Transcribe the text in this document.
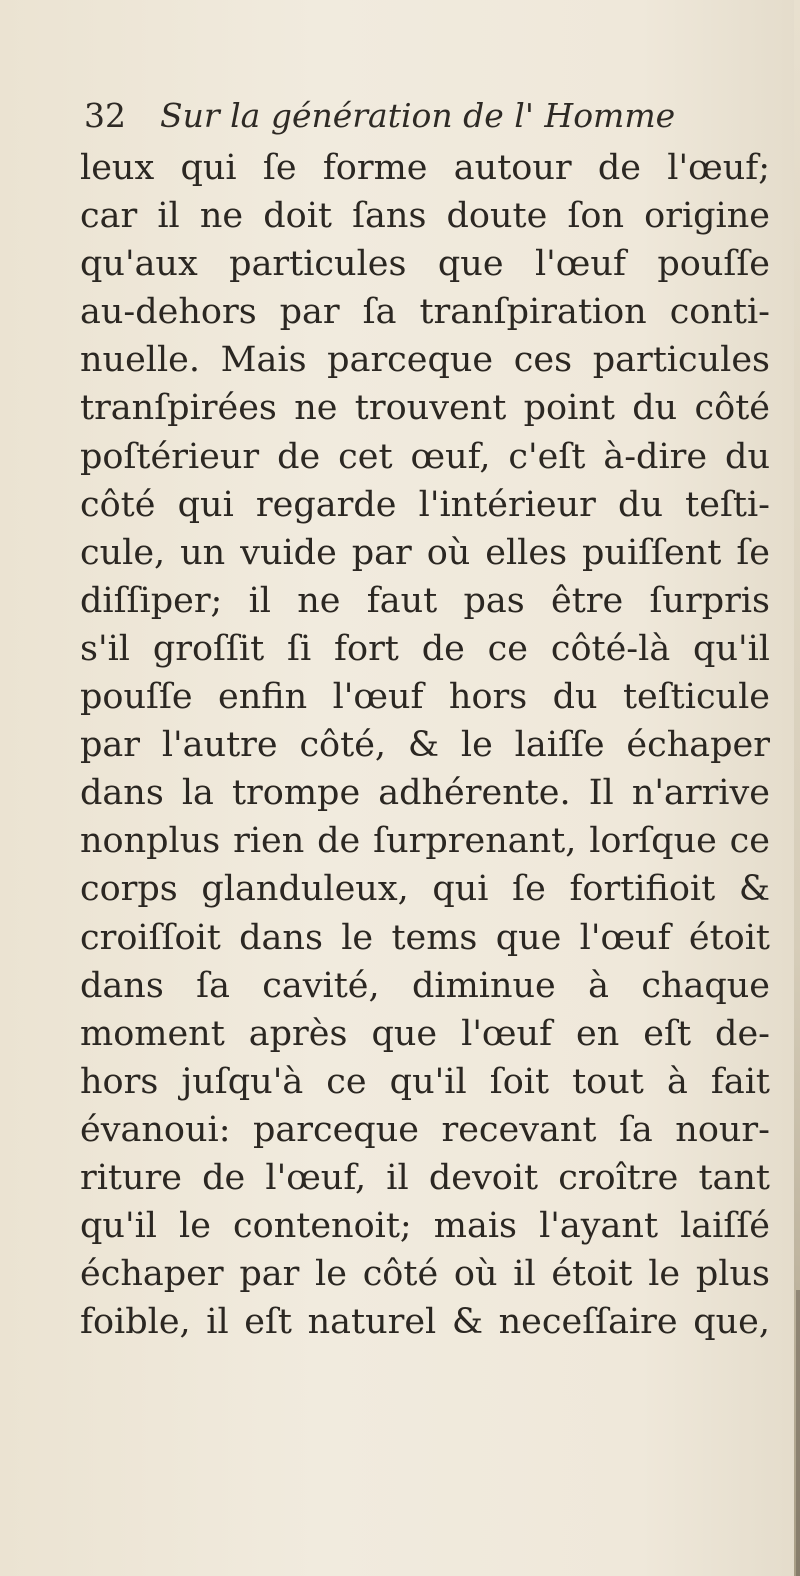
32 Sur la génération de l' Homme
leux qui ſe forme autour de l'œuf;
car il ne doit ſans doute ſon origine
qu'aux particules que l'œuf pouſſe
au-dehors par ſa tranſpiration conti-
nuelle. Mais parceque ces particules
tranſpirées ne trouvent point du côté
poſtérieur de cet œuf, c'eſt à-dire du
côté qui regarde l'intérieur du teſti-
cule, un vuide par où elles puiſſent ſe
diſſiper; il ne faut pas être ſurpris
s'il groſſit ſi fort de ce côté-là qu'il
pouſſe enfin l'œuf hors du teſticule
par l'autre côté, & le laiſſe échaper
dans la trompe adhérente. Il n'arrive
nonplus rien de ſurprenant, lorſque ce
corps glanduleux, qui ſe fortifioit &
croiſſoit dans le tems que l'œuf étoit
dans ſa cavité, diminue à chaque
moment après que l'œuf en eſt de-
hors juſqu'à ce qu'il ſoit tout à fait
évanoui: parceque recevant ſa nour-
riture de l'œuf, il devoit croître tant
qu'il le contenoit; mais l'ayant laiſſé
échaper par le côté où il étoit le plus
foible, il eſt naturel & neceſſaire que,
